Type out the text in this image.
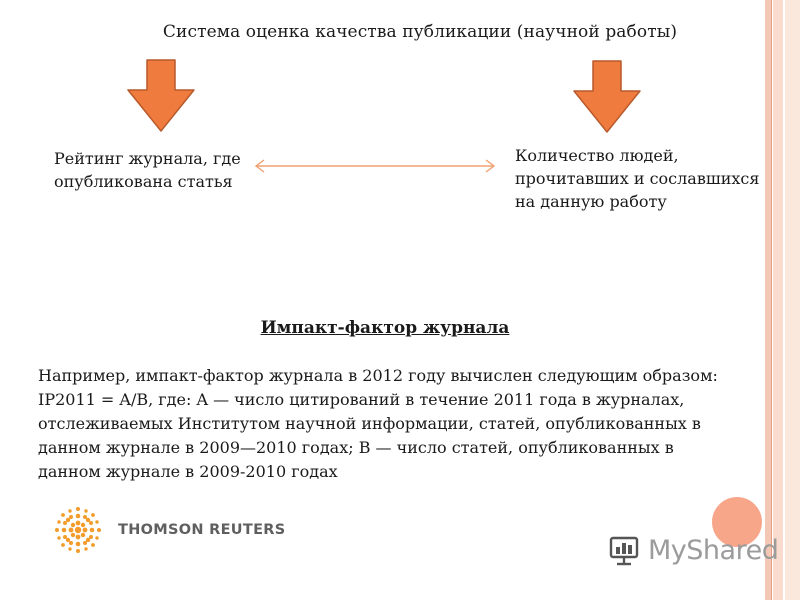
Система оценка качества публикации (научной работы)
Рейтинг журнала, где опубликована статья
Количество людей, прочитавших и сославшихся на данную работу
Импакт-фактор журнала
Например, импакт-фактор журнала в 2012 году вычислен следующим образом: IP2011 = A/B, где: A — число цитирований в течение 2011 года в журналах, отслеживаемых Институтом научной информации, статей, опубликованных в данном журнале в 2009—2010 годах; B — число статей, опубликованных в данном журнале в 2009-2010 годах
THOMSON REUTERS
MyShared
